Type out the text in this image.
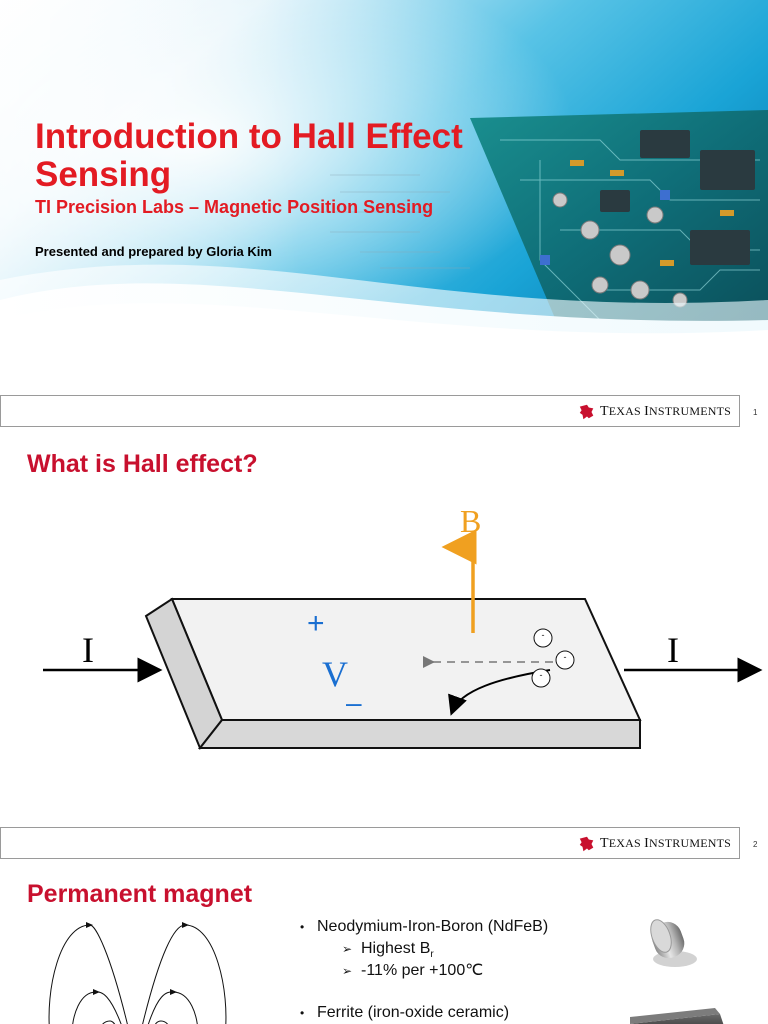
Introduction to Hall Effect Sensing
TI Precision Labs – Magnetic Position Sensing
Presented and prepared by Gloria Kim
TEXAS INSTRUMENTS	1
What is Hall effect?
I	I
B
+
V
–
-
-
-
TEXAS INSTRUMENTS	2
Permanent magnet
• Neodymium-Iron-Boron (NdFeB)
➢ Highest $B_r$
➢ -11% per +100℃
• Ferrite (iron-oxide ceramic)
